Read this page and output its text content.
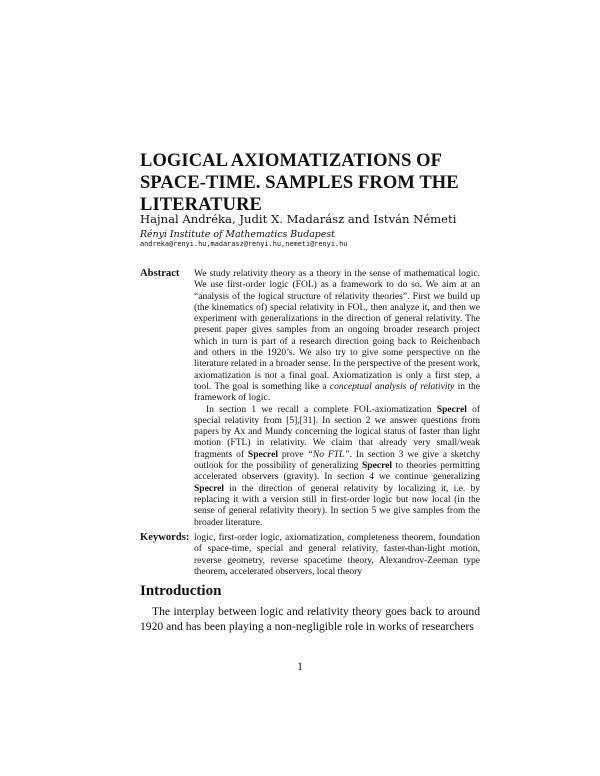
LOGICAL AXIOMATIZATIONS OF SPACE-TIME. SAMPLES FROM THE LITERATURE
Hajnal Andréka, Judit X. Madarász and István Németi
Rényi Institute of Mathematics Budapest
andreka@renyi.hu,madarasz@renyi.hu,nemeti@renyi.hu
Abstract We study relativity theory as a theory in the sense of mathematical logic. We use first-order logic (FOL) as a framework to do so. We aim at an “analysis of the logical structure of relativity theories”. First we build up (the kinematics of) special relativity in FOL, then analyze it, and then we experiment with generalizations in the direction of general relativity. The present paper gives samples from an ongoing broader research project which in turn is part of a research direction going back to Reichenbach and others in the 1920’s. We also try to give some perspective on the literature related in a broader sense. In the perspective of the present work, axiomatization is not a final goal. Axiomatization is only a first step, a tool. The goal is something like a conceptual analysis of relativity in the framework of logic.

In section 1 we recall a complete FOL-axiomatization Specrel of special relativity from [5],[31]. In section 2 we answer questions from papers by Ax and Mundy concerning the logical status of faster than light motion (FTL) in relativity. We claim that already very small/weak fragments of Specrel prove “No FTL”. In section 3 we give a sketchy outlook for the possibility of generalizing Specrel to theories permitting accelerated observers (gravity). In section 4 we continue generalizing Specrel in the direction of general relativity by localizing it, i.e. by replacing it with a version still in first-order logic but now local (in the sense of general relativity theory). In section 5 we give samples from the broader literature.

Keywords: logic, first-order logic, axiomatization, completeness theorem, foundation of space-time, special and general relativity, faster-than-light motion, reverse geometry, reverse spacetime theory, Alexandrov-Zeeman type theorem, accelerated observers, local theory
Introduction
The interplay between logic and relativity theory goes back to around 1920 and has been playing a non-negligible role in works of researchers
1
